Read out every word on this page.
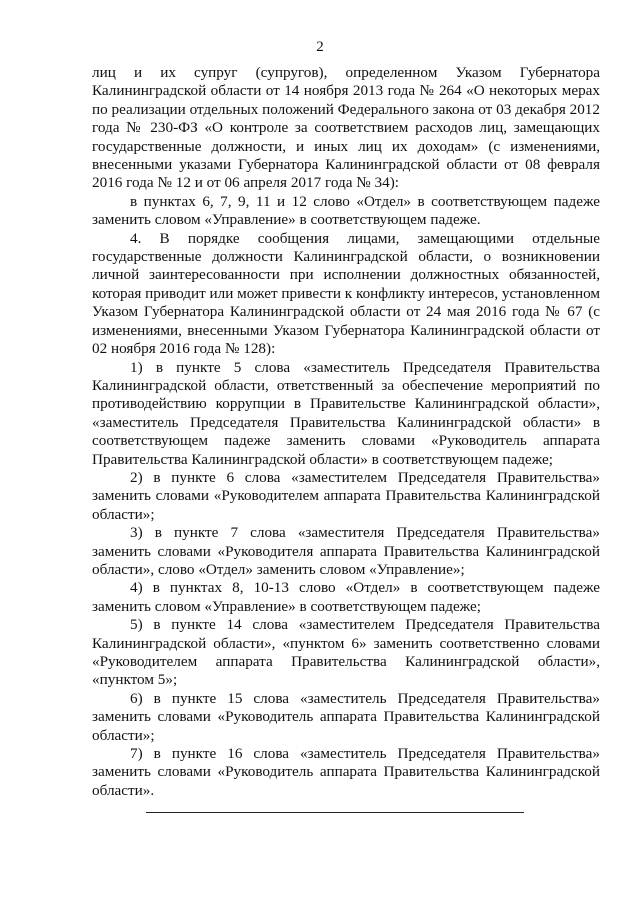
2

лиц и их супруг (супругов), определенном Указом Губернатора Калининградской области от 14 ноября 2013 года № 264 «О некоторых мерах по реализации отдельных положений Федерального закона от 03 декабря 2012 года № 230-ФЗ «О контроле за соответствием расходов лиц, замещающих государственные должности, и иных лиц их доходам» (с изменениями, внесенными указами Губернатора Калининградской области от 08 февраля 2016 года № 12 и от 06 апреля 2017 года № 34):

в пунктах 6, 7, 9, 11 и 12 слово «Отдел» в соответствующем падеже заменить словом «Управление» в соответствующем падеже.

4. В порядке сообщения лицами, замещающими отдельные государственные должности Калининградской области, о возникновении личной заинтересованности при исполнении должностных обязанностей, которая приводит или может привести к конфликту интересов, установленном Указом Губернатора Калининградской области от 24 мая 2016 года № 67 (с изменениями, внесенными Указом Губернатора Калининградской области от 02 ноября 2016 года № 128):

1) в пункте 5 слова «заместитель Председателя Правительства Калининградской области, ответственный за обеспечение мероприятий по противодействию коррупции в Правительстве Калининградской области», «заместитель Председателя Правительства Калининградской области» в соответствующем падеже заменить словами «Руководитель аппарата Правительства Калининградской области» в соответствующем падеже;

2) в пункте 6 слова «заместителем Председателя Правительства» заменить словами «Руководителем аппарата Правительства Калининградской области»;

3) в пункте 7 слова «заместителя Председателя Правительства» заменить словами «Руководителя аппарата Правительства Калининградской области», слово «Отдел» заменить словом «Управление»;

4) в пунктах 8, 10-13 слово «Отдел» в соответствующем падеже заменить словом «Управление» в соответствующем падеже;

5) в пункте 14 слова «заместителем Председателя Правительства Калининградской области», «пунктом 6» заменить соответственно словами «Руководителем аппарата Правительства Калининградской области», «пунктом 5»;

6) в пункте 15 слова «заместитель Председателя Правительства» заменить словами «Руководитель аппарата Правительства Калининградской области»;

7) в пункте 16 слова «заместитель Председателя Правительства» заменить словами «Руководитель аппарата Правительства Калининградской области».
